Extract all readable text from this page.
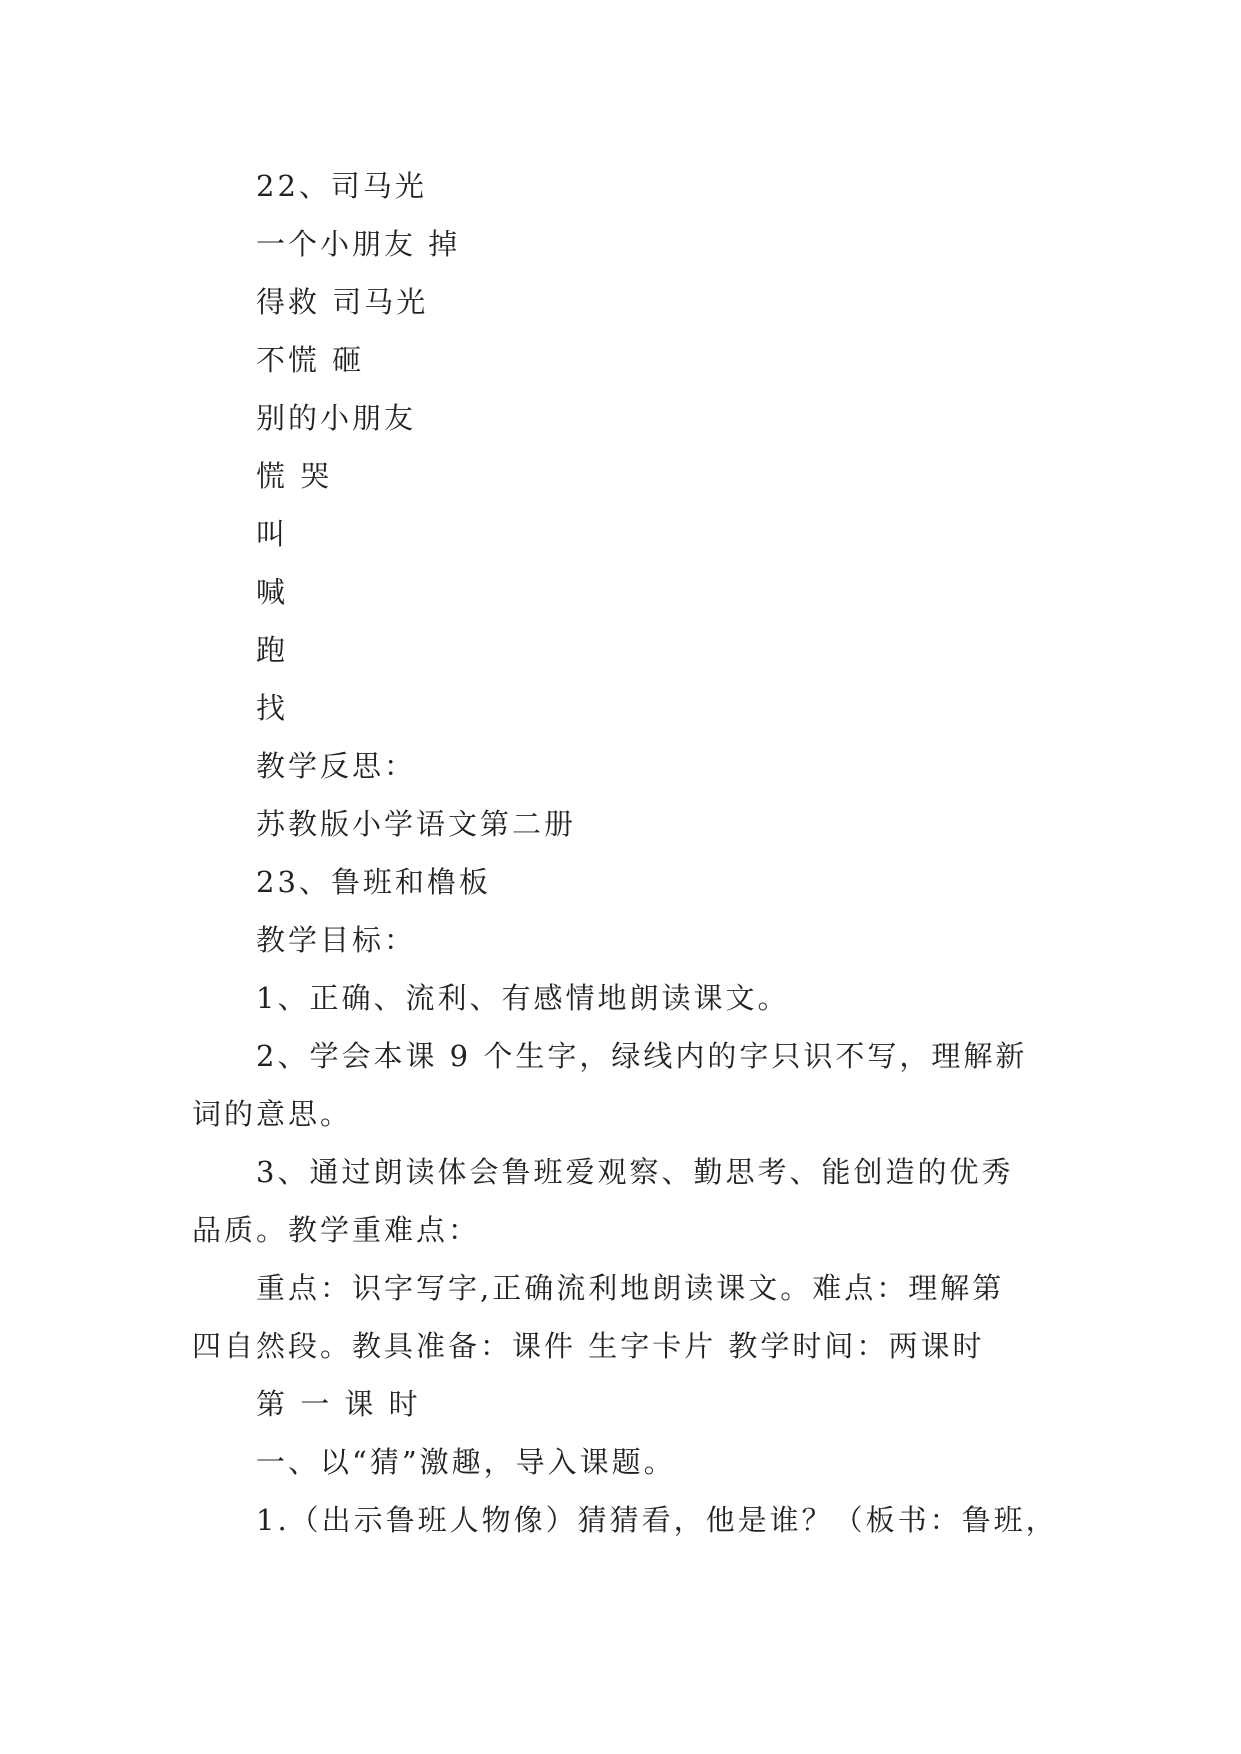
22、司马光
一个小朋友 掉
得救 司马光
不慌 砸
别的小朋友
慌 哭
叫
喊
跑
找
教学反思：
苏教版小学语文第二册
23、鲁班和橹板
教学目标：
1、正确、流利、有感情地朗读课文。
2、学会本课 9 个生字，绿线内的字只识不写，理解新
词的意思。
3、通过朗读体会鲁班爱观察、勤思考、能创造的优秀
品质。教学重难点：
重点：识字写字,正确流利地朗读课文。难点：理解第
四自然段。教具准备：课件 生字卡片 教学时间：两课时
第 一 课 时
一、以“猜”激趣，导入课题。
1.（出示鲁班人物像）猜猜看，他是谁？（板书：鲁班，
